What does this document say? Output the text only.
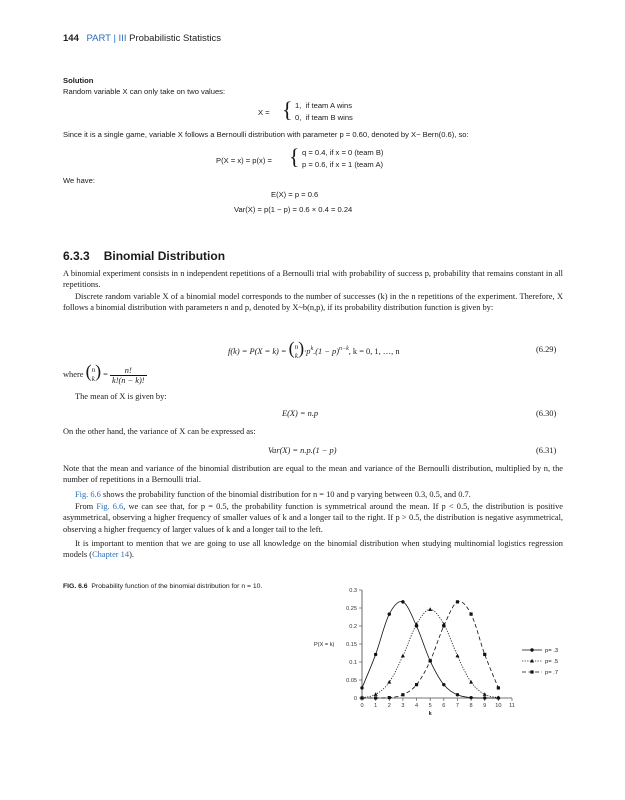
144 PART | III Probabilistic Statistics
Solution
Random variable X can only take on two values:
X = { 1, if team A wins
0, if team B wins
Since it is a single game, variable X follows a Bernoulli distribution with parameter p = 0.60, denoted by X~ Bern(0.6), so:
P(X = x) = p(x) = { q = 0.4, if x = 0 (team B)
p = 0.6, if x = 1 (team A)
We have:
E(X) = p = 0.6
Var(X) = p(1 − p) = 0.6 × 0.4 = 0.24
6.3.3 Binomial Distribution
A binomial experiment consists in n independent repetitions of a Bernoulli trial with probability of success p, probability that remains constant in all repetitions.
Discrete random variable X of a binomial model corresponds to the number of successes (k) in the n repetitions of the experiment. Therefore, X follows a binomial distribution with parameters n and p, denoted by X~b(n,p), if its probability distribution function is given by:
f(k) = P(X = k) = ( n
k )$\cdot p^k.(1 - p)^{n-k}$, k = 0, 1, …, n	(6.29)
where ( n
k ) = $\frac{n!}{k!(n - k)!}$
The mean of X is given by:
E(X) = n.p	(6.30)
On the other hand, the variance of X can be expressed as:
Var(X) = n.p.(1 − p)	(6.31)
Note that the mean and variance of the binomial distribution are equal to the mean and variance of the Bernoulli distribution, multiplied by n, the number of repetitions in a Bernoulli trial.
Fig. 6.6 shows the probability function of the binomial distribution for n = 10 and p varying between 0.3, 0.5, and 0.7.
From Fig. 6.6, we can see that, for p = 0.5, the probability function is symmetrical around the mean. If p < 0.5, the distribution is positive asymmetrical, observing a higher frequency of smaller values of k and a longer tail to the right. If p > 0.5, the distribution is negative asymmetrical, observing a higher frequency of larger values of k and a longer tail to the left.
It is important to mention that we are going to use all knowledge on the binomial distribution when studying multinomial logistics regression models (Chapter 14).
FIG. 6.6 Probability function of the binomial distribution for n = 10.
0
0.05
0.1
0.15
0.2
0.25
0.3
0 1 2 3 4 5 6 7 8 9 10 11
P(X = k)
k
p= .3
p= .5
p= .7
